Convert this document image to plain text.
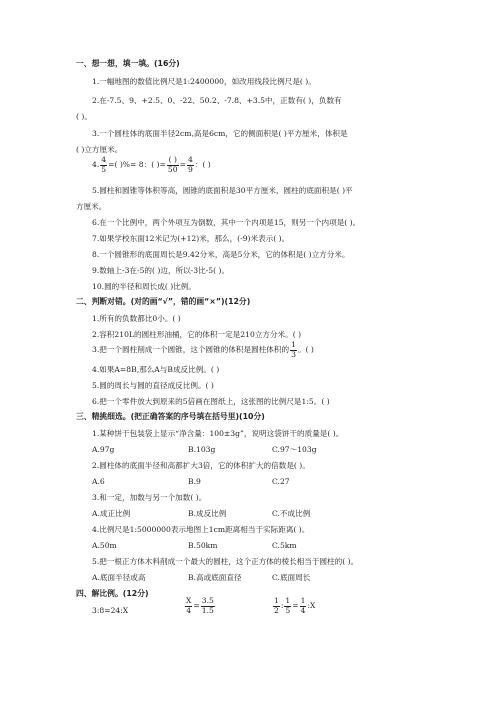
一、想一想，填一填。(16分)
1.一幅地图的数值比例尺是1:2400000，如改用线段比例尺是( )。
2.在-7.5、9、+2.5、0、-22、50.2、-7.8、+3.5中，正数有( )，负数有
( )。
3.一个圆柱体的底面半径2cm,高是6cm，它的侧面积是( )平方厘米，体积是
( )立方厘米。
4. $\frac{4}{5}$ =( )%= 8：( )= $\frac{( )}{50} = \frac{4}{9}$ ：( )
5.圆柱和圆锥等体积等高，圆锥的底面积是30平方厘米，圆柱的底面积是( )平
方厘米。
6.在一个比例中，两个外项互为倒数，其中一个内项是15，则另一个内项是( )。
7.如果学校东面12米记为(+12)米，那么，(-9)米表示( )。
8.一个圆锥形的底面周长是9.42分米，高是5分米，它的体积是( )立方分米。
9.数轴上-3在-5的( )边，所以-3比-5( )。
10.圆的半径和周长成( )比例。
二、判断对错。(对的画“√”，错的画“×”)(12分)
1.所有的负数都比0小。( )
2.容积210L的圆柱形油桶，它的体积一定是210立方分米。( )
3.把一个圆柱削成一个圆锥，这个圆锥的体积是圆柱体积的 $\frac{1}{3}$ 。( )
4.如果A=8B,那么A与B成反比例。( )
5.圆的周长与圆的直径成反比例。( )
6.把一个零件放大到原来的5倍画在图纸上，这张图的比例尺是1:5。( )
三、精挑细选。(把正确答案的序号填在括号里)(10分)
1.某种饼干包装袋上显示“净含量：100±3g”，说明这袋饼干的质量是( )。
A.97g	B.103g	C.97～103g
2.圆柱体的底面半径和高都扩大3倍，它的体积扩大的倍数是( )。
A.6	B.9	C.27
3.和一定，加数与另一个加数( )。
A.成正比例	B.成反比例	C.不成比例
4.比例尺是1:5000000表示地图上1cm距离相当于实际距离( )。
A.50m	B.50km	C.5km
5.把一根正方体木料削成一个最大的圆柱，这个正方体的棱长相当于圆柱的( )。
A.底面半径或高	B.高或底面直径	C.底面周长
四、解比例。(12分)
3:8=24:X	$\frac{X}{4} = \frac{3.5}{1.5}$	$\frac{1}{2}$ : $\frac{1}{5} = \frac{1}{4}$ :X
